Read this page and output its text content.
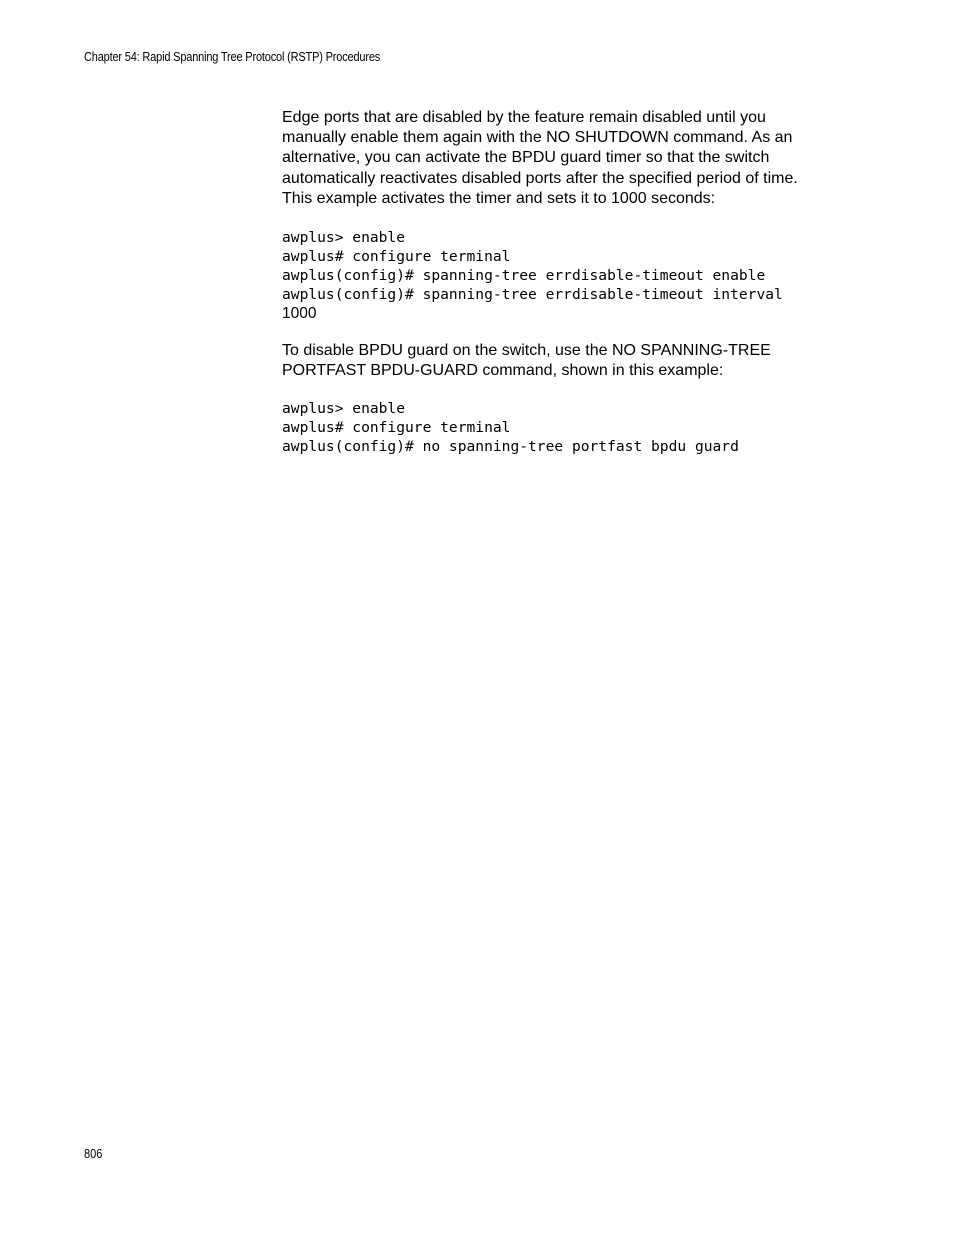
Chapter 54: Rapid Spanning Tree Protocol (RSTP) Procedures

Edge ports that are disabled by the feature remain disabled until you
manually enable them again with the NO SHUTDOWN command. As an
alternative, you can activate the BPDU guard timer so that the switch
automatically reactivates disabled ports after the specified period of time.
This example activates the timer and sets it to 1000 seconds:

awplus> enable
awplus# configure terminal
awplus(config)# spanning-tree errdisable-timeout enable
awplus(config)# spanning-tree errdisable-timeout interval
1000

To disable BPDU guard on the switch, use the NO SPANNING-TREE
PORTFAST BPDU-GUARD command, shown in this example:

awplus> enable
awplus# configure terminal
awplus(config)# no spanning-tree portfast bpdu guard
806
